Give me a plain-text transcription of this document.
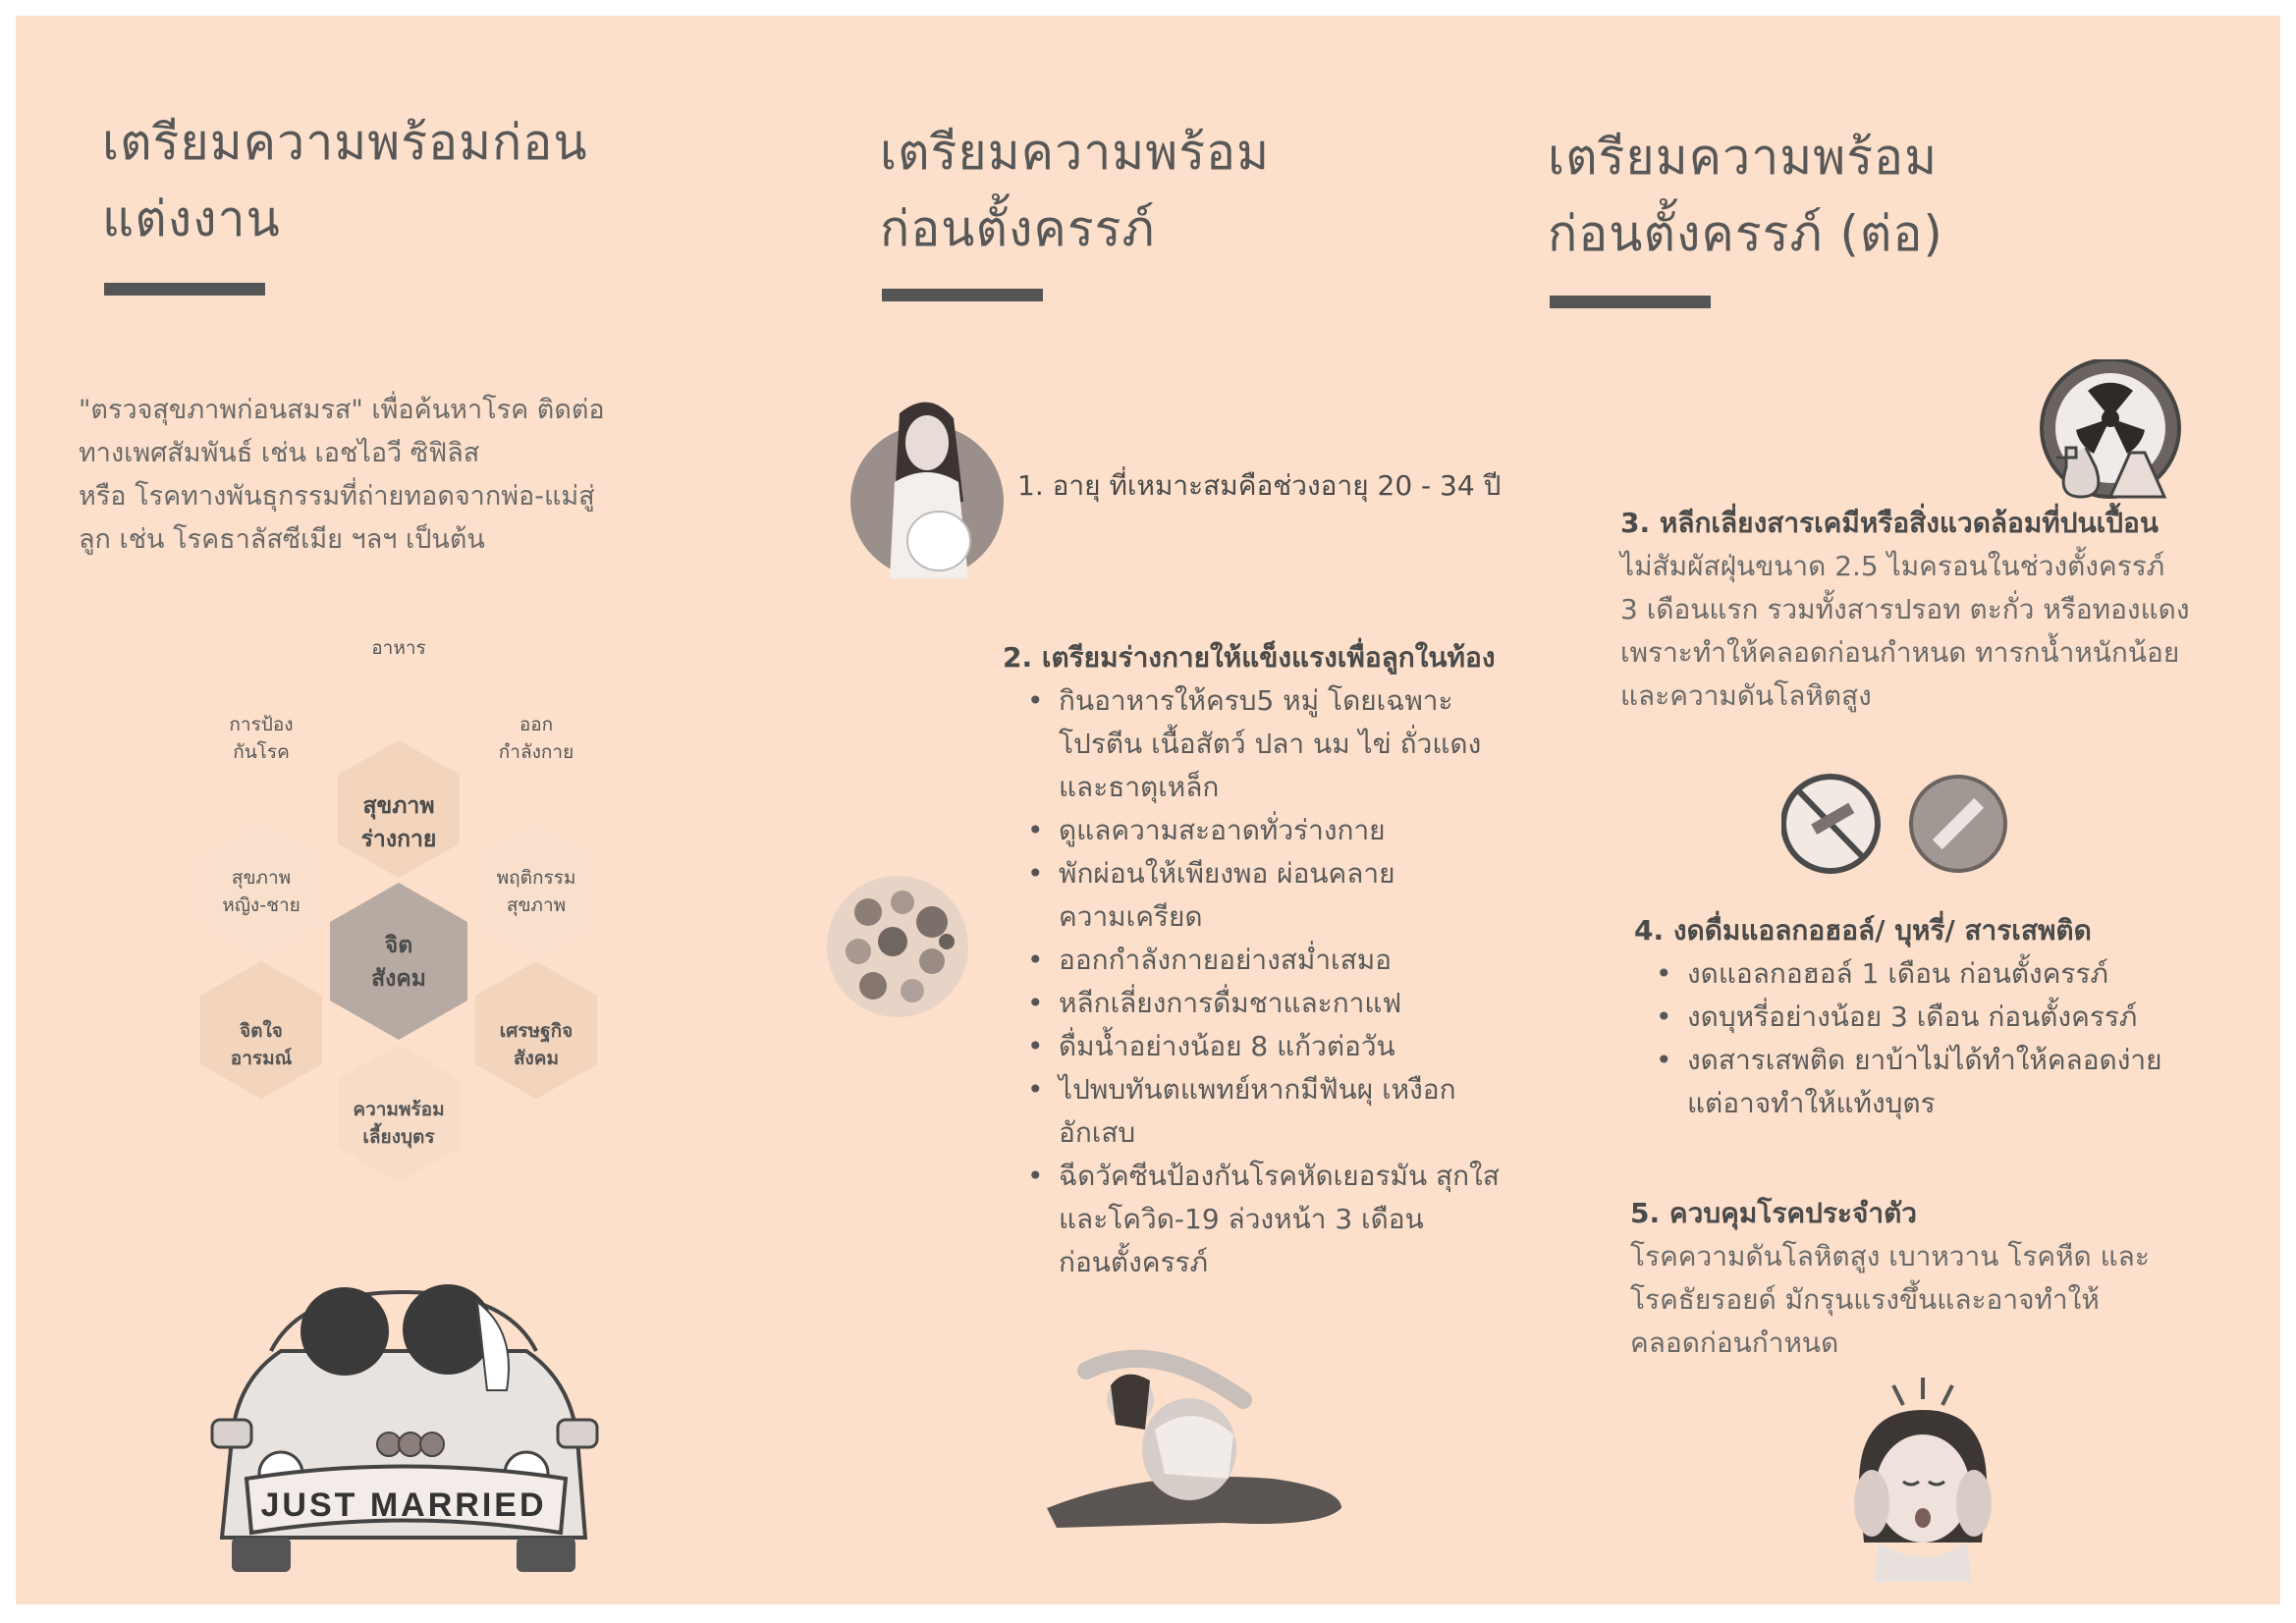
เตรียมความพร้อมก่อน
แต่งงาน

"ตรวจสุขภาพก่อนสมรส" เพื่อค้นหาโรค ติดต่อ
ทางเพศสัมพันธ์ เช่น เอชไอวี ซิฟิลิส
หรือ โรคทางพันธุกรรมที่ถ่ายทอดจากพ่อ-แม่สู่
ลูก เช่น โรคธาลัสซีเมีย ฯลฯ เป็นต้น

อาหาร
การป้อง
กันโรค
ออก
กำลังกาย
สุขภาพ
ร่างกาย
สุขภาพ
หญิง-ชาย
พฤติกรรม
สุขภาพ
จิต
สังคม
จิตใจ
อารมณ์
เศรษฐกิจ
สังคม
ความพร้อม
เลี้ยงบุตร
JUST MARRIED
เตรียมความพร้อม
ก่อนตั้งครรภ์
1. อายุ ที่เหมาะสมคือช่วงอายุ 20 - 34 ปี
2. เตรียมร่างกายให้แข็งแรงเพื่อลูกในท้อง
• กินอาหารให้ครบ5 หมู่ โดยเฉพาะ
โปรตีน เนื้อสัตว์ ปลา นม ไข่ ถั่วแดง
และธาตุเหล็ก
• ดูแลความสะอาดทั่วร่างกาย
• พักผ่อนให้เพียงพอ ผ่อนคลาย
ความเครียด
• ออกกำลังกายอย่างสม่ำเสมอ
• หลีกเลี่ยงการดื่มชาและกาแฟ
• ดื่มน้ำอย่างน้อย 8 แก้วต่อวัน
• ไปพบทันตแพทย์หากมีฟันผุ เหงือก
อักเสบ
• ฉีดวัคซีนป้องกันโรคหัดเยอรมัน สุกใส
และโควิด-19 ล่วงหน้า 3 เดือน
ก่อนตั้งครรภ์
เตรียมความพร้อม
ก่อนตั้งครรภ์ (ต่อ)
3. หลีกเลี่ยงสารเคมีหรือสิ่งแวดล้อมที่ปนเปื้อน

ไม่สัมผัสฝุ่นขนาด 2.5 ไมครอนในช่วงตั้งครรภ์
3 เดือนแรก รวมทั้งสารปรอท ตะกั่ว หรือทองแดง
เพราะทำให้คลอดก่อนกำหนด ทารกน้ำหนักน้อย
และความดันโลหิตสูง

4. งดดื่มแอลกอฮอล์/ บุหรี่/ สารเสพติด
• งดแอลกอฮอล์ 1 เดือน ก่อนตั้งครรภ์
• งดบุหรี่อย่างน้อย 3 เดือน ก่อนตั้งครรภ์
• งดสารเสพติด ยาบ้าไม่ได้ทำให้คลอดง่าย
แต่อาจทำให้แท้งบุตร
5. ควบคุมโรคประจำตัว

โรคความดันโลหิตสูง เบาหวาน โรคหืด และ
โรคธัยรอยด์ มักรุนแรงขึ้นและอาจทำให้
คลอดก่อนกำหนด
